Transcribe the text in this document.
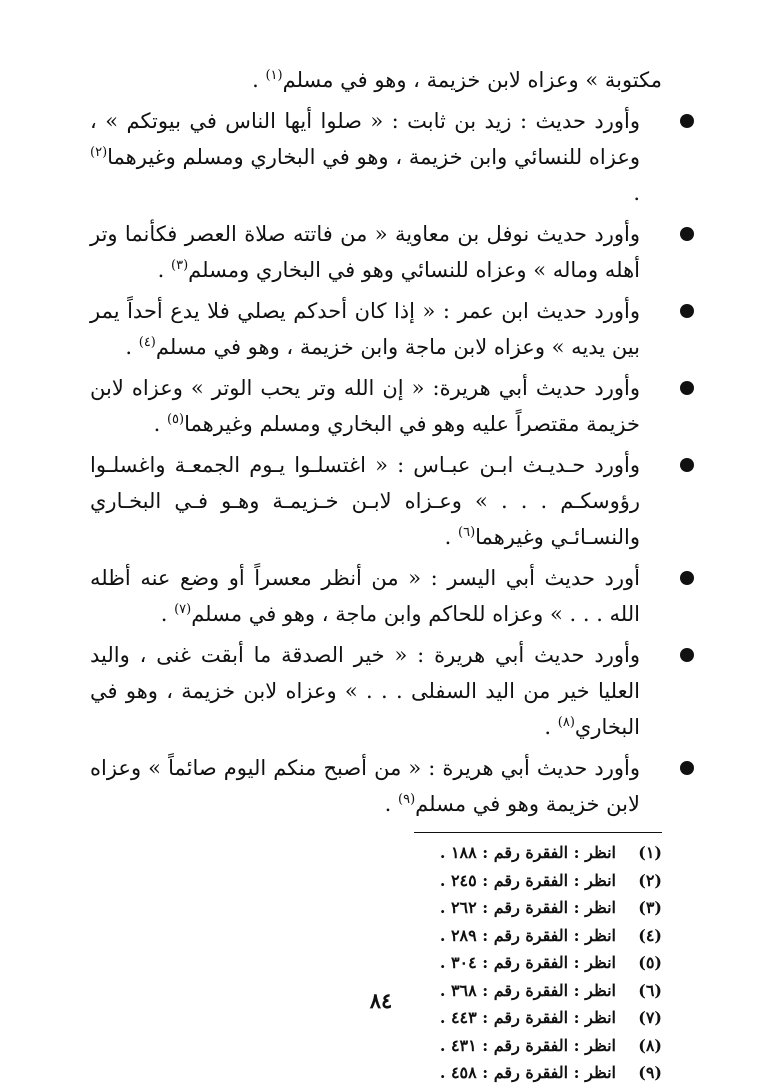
مكتوبة » وعزاه لابن خزيمة ، وهو في مسلم$^{(١)}$ .

وأورد حديث : زيد بن ثابت : « صلوا أيها الناس في بيوتكم » ، وعزاه للنسائي وابن خزيمة ، وهو في البخاري ومسلم وغيرهما$^{(٢)}$ .

وأورد حديث نوفل بن معاوية « من فاتته صلاة العصر فكأنما وتر أهله وماله » وعزاه للنسائي وهو في البخاري ومسلم$^{(٣)}$ .

وأورد حديث ابن عمر : « إذا كان أحدكم يصلي فلا يدع أحداً يمر بين يديه » وعزاه لابن ماجة وابن خزيمة ، وهو في مسلم$^{(٤)}$ .

وأورد حديث أبي هريرة: « إن الله وتر يحب الوتر » وعزاه لابن خزيمة مقتصراً عليه وهو في البخاري ومسلم وغيرهما$^{(٥)}$ .

وأورد حـديـث ابـن عبـاس : « اغتسلـوا يـوم الجمعـة واغسلـوا رؤوسكـم . . . » وعـزاه لابـن خـزيمـة وهـو فـي البخـاري والنسـائـي وغيرهما$^{(٦)}$ .

أورد حديث أبي اليسر : « من أنظر معسراً أو وضع عنه أظله الله . . . » وعزاه للحاكم وابن ماجة ، وهو في مسلم$^{(٧)}$ .

وأورد حديث أبي هريرة : « خير الصدقة ما أبقت غنى ، واليد العليا خير من اليد السفلى . . . » وعزاه لابن خزيمة ، وهو في البخاري$^{(٨)}$ .

وأورد حديث أبي هريرة : « من أصبح منكم اليوم صائماً » وعزاه لابن خزيمة وهو في مسلم$^{(٩)}$ .

(١)
انظر : الفقرة رقم : ١٨٨ .
(٢)
انظر : الفقرة رقم : ٢٤٥ .
(٣)
انظر : الفقرة رقم : ٢٦٢ .
(٤)
انظر : الفقرة رقم : ٢٨٩ .
(٥)
انظر : الفقرة رقم : ٣٠٤ .
(٦)
انظر : الفقرة رقم : ٣٦٨ .
(٧)
انظر : الفقرة رقم : ٤٤٣ .
(٨)
انظر : الفقرة رقم : ٤٣١ .
(٩)
انظر : الفقرة رقم : ٤٥٨ .
٨٤
